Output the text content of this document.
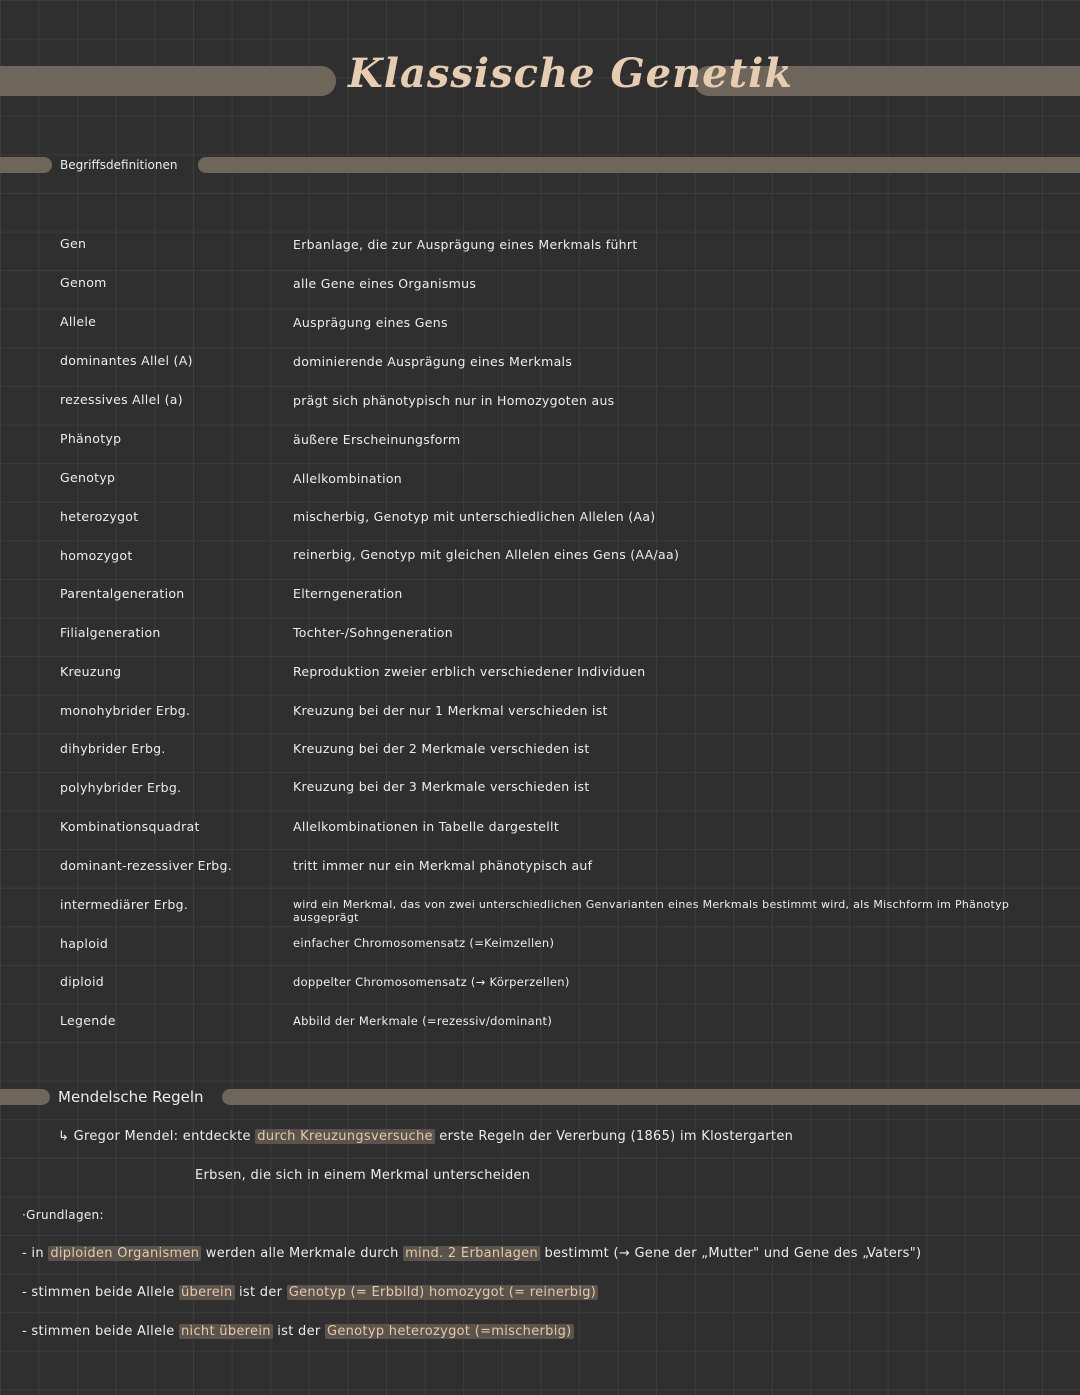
Klassische Genetik
Begriffsdefinitionen
Gen	Erbanlage, die zur Ausprägung eines Merkmals führt
Genom	alle Gene eines Organismus
Allele	Ausprägung eines Gens
dominantes Allel (A)	dominierende Ausprägung eines Merkmals
rezessives Allel (a)	prägt sich phänotypisch nur in Homozygoten aus
Phänotyp	äußere Erscheinungsform
Genotyp	Allelkombination
heterozygot	mischerbig, Genotyp mit unterschiedlichen Allelen (Aa)
homozygot	reinerbig, Genotyp mit gleichen Allelen eines Gens (AA/aa)
Parentalgeneration	Elterngeneration
Filialgeneration	Tochter-/Sohngeneration
Kreuzung	Reproduktion zweier erblich verschiedener Individuen
monohybrider Erbg.	Kreuzung bei der nur 1 Merkmal verschieden ist
dihybrider Erbg.	Kreuzung bei der 2 Merkmale verschieden ist
polyhybrider Erbg.	Kreuzung bei der 3 Merkmale verschieden ist
Kombinationsquadrat	Allelkombinationen in Tabelle dargestellt
dominant-rezessiver Erbg.	tritt immer nur ein Merkmal phänotypisch auf
intermediärer Erbg.	wird ein Merkmal, das von zwei unterschiedlichen Genvarianten eines Merkmals bestimmt wird, als Mischform im Phänotyp ausgeprägt
haploid	einfacher Chromosomensatz (=Keimzellen)
diploid	doppelter Chromosomensatz (→ Körperzellen)
Legende	Abbild der Merkmale (=rezessiv/dominant)
Mendelsche Regeln
↳ Gregor Mendel: entdeckte durch Kreuzungsversuche erste Regeln der Vererbung (1865) im Klostergarten
Erbsen, die sich in einem Merkmal unterscheiden
·Grundlagen:
- in diploiden Organismen werden alle Merkmale durch mind. 2 Erbanlagen bestimmt (→ Gene der „Mutter" und Gene des „Vaters")
- stimmen beide Allele überein ist der Genotyp (= Erbbild) homozygot (= reinerbig)
- stimmen beide Allele nicht überein ist der Genotyp heterozygot (=mischerbig)
